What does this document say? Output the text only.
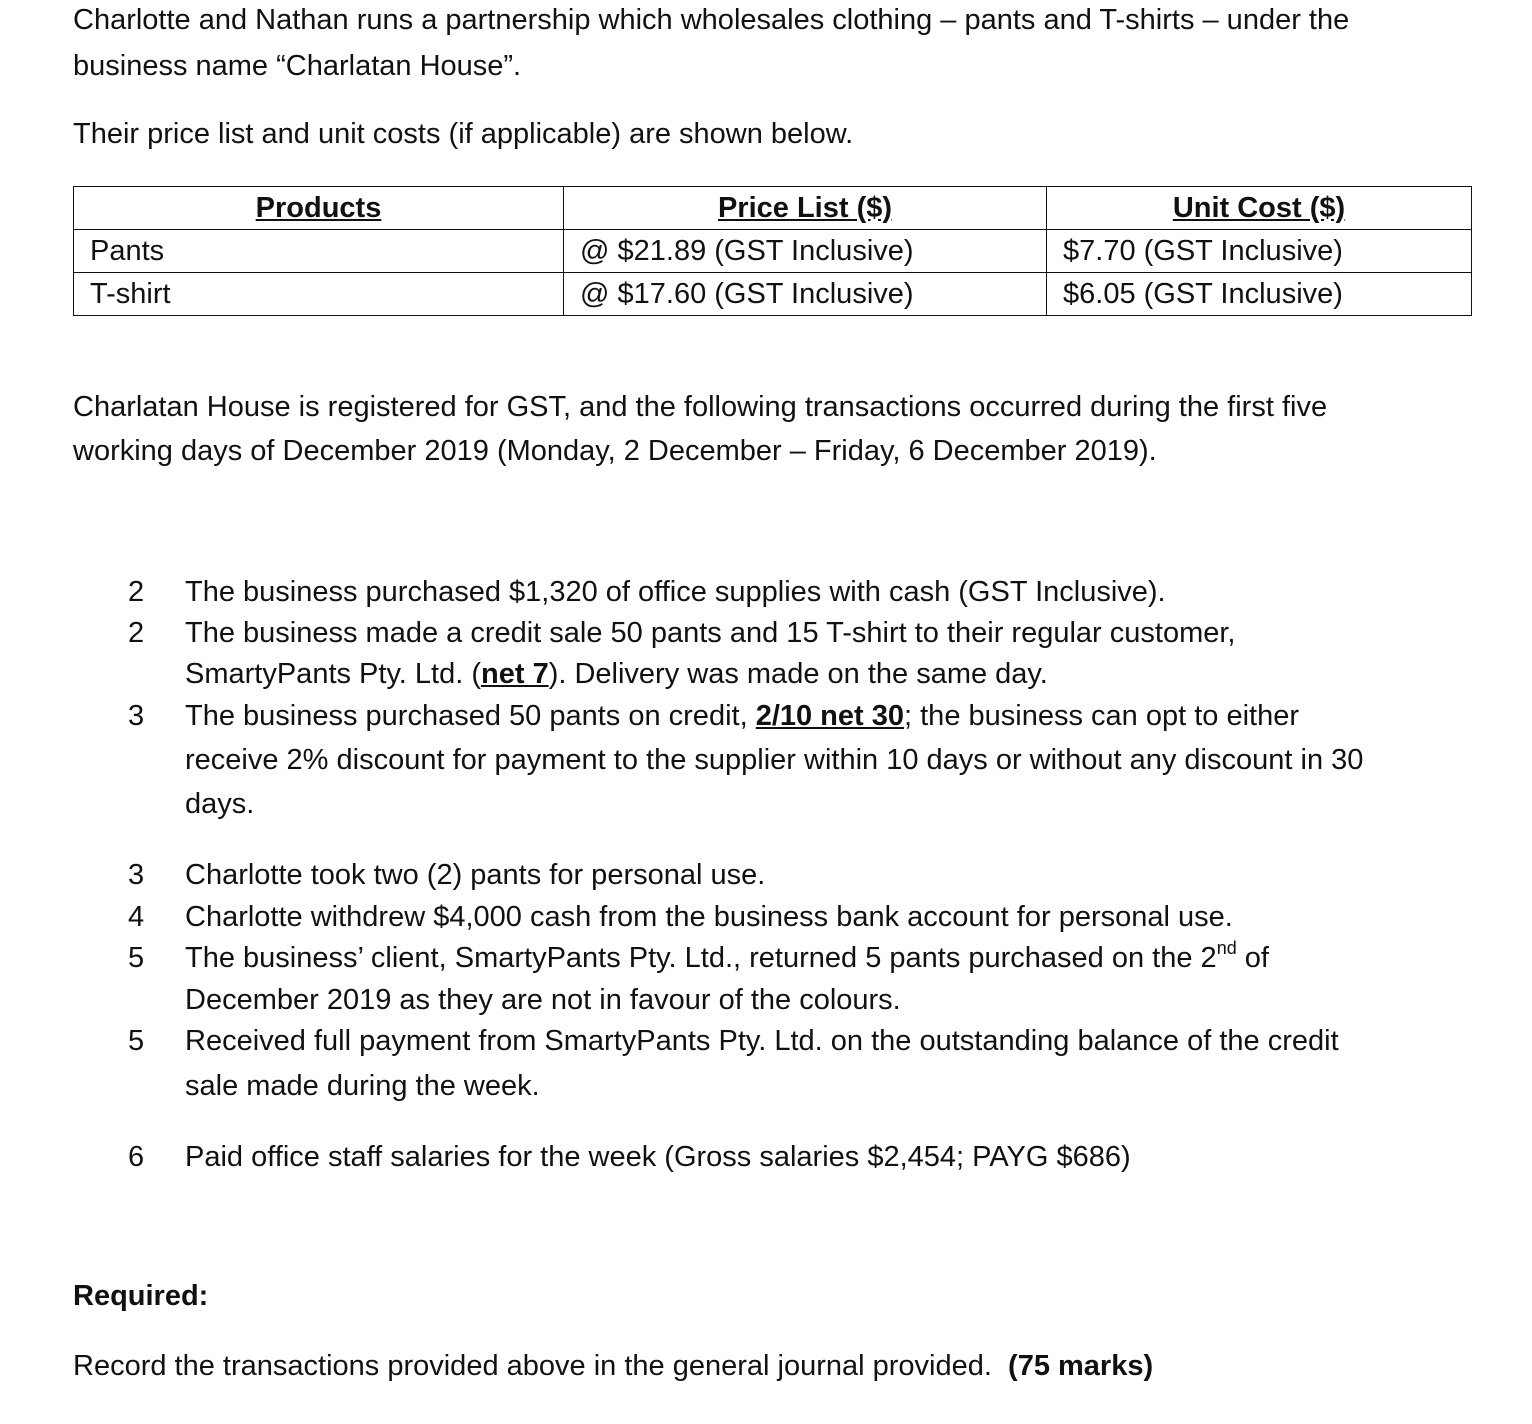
Charlotte and Nathan runs a partnership which wholesales clothing – pants and T-shirts – under the

business name “Charlatan House”.

Their price list and unit costs (if applicable) are shown below.

Products	Price List ($)	Unit Cost ($)
Pants	@ $21.89 (GST Inclusive)	$7.70 (GST Inclusive)
T-shirt	@ $17.60 (GST Inclusive)	$6.05 (GST Inclusive)

Charlatan House is registered for GST, and the following transactions occurred during the first five

working days of December 2019 (Monday, 2 December – Friday, 6 December 2019).

2 The business purchased $1,320 of office supplies with cash (GST Inclusive).
2 The business made a credit sale 50 pants and 15 T-shirt to their regular customer,
SmartyPants Pty. Ltd. (net 7). Delivery was made on the same day.
3 The business purchased 50 pants on credit, 2/10 net 30; the business can opt to either
receive 2% discount for payment to the supplier within 10 days or without any discount in 30
days.
3 Charlotte took two (2) pants for personal use.
4 Charlotte withdrew $4,000 cash from the business bank account for personal use.
5 The business’ client, SmartyPants Pty. Ltd., returned 5 pants purchased on the 2nd of
December 2019 as they are not in favour of the colours.
5 Received full payment from SmartyPants Pty. Ltd. on the outstanding balance of the credit
sale made during the week.
6 Paid office staff salaries for the week (Gross salaries $2,454; PAYG $686)

Required:

Record the transactions provided above in the general journal provided. (75 marks)
